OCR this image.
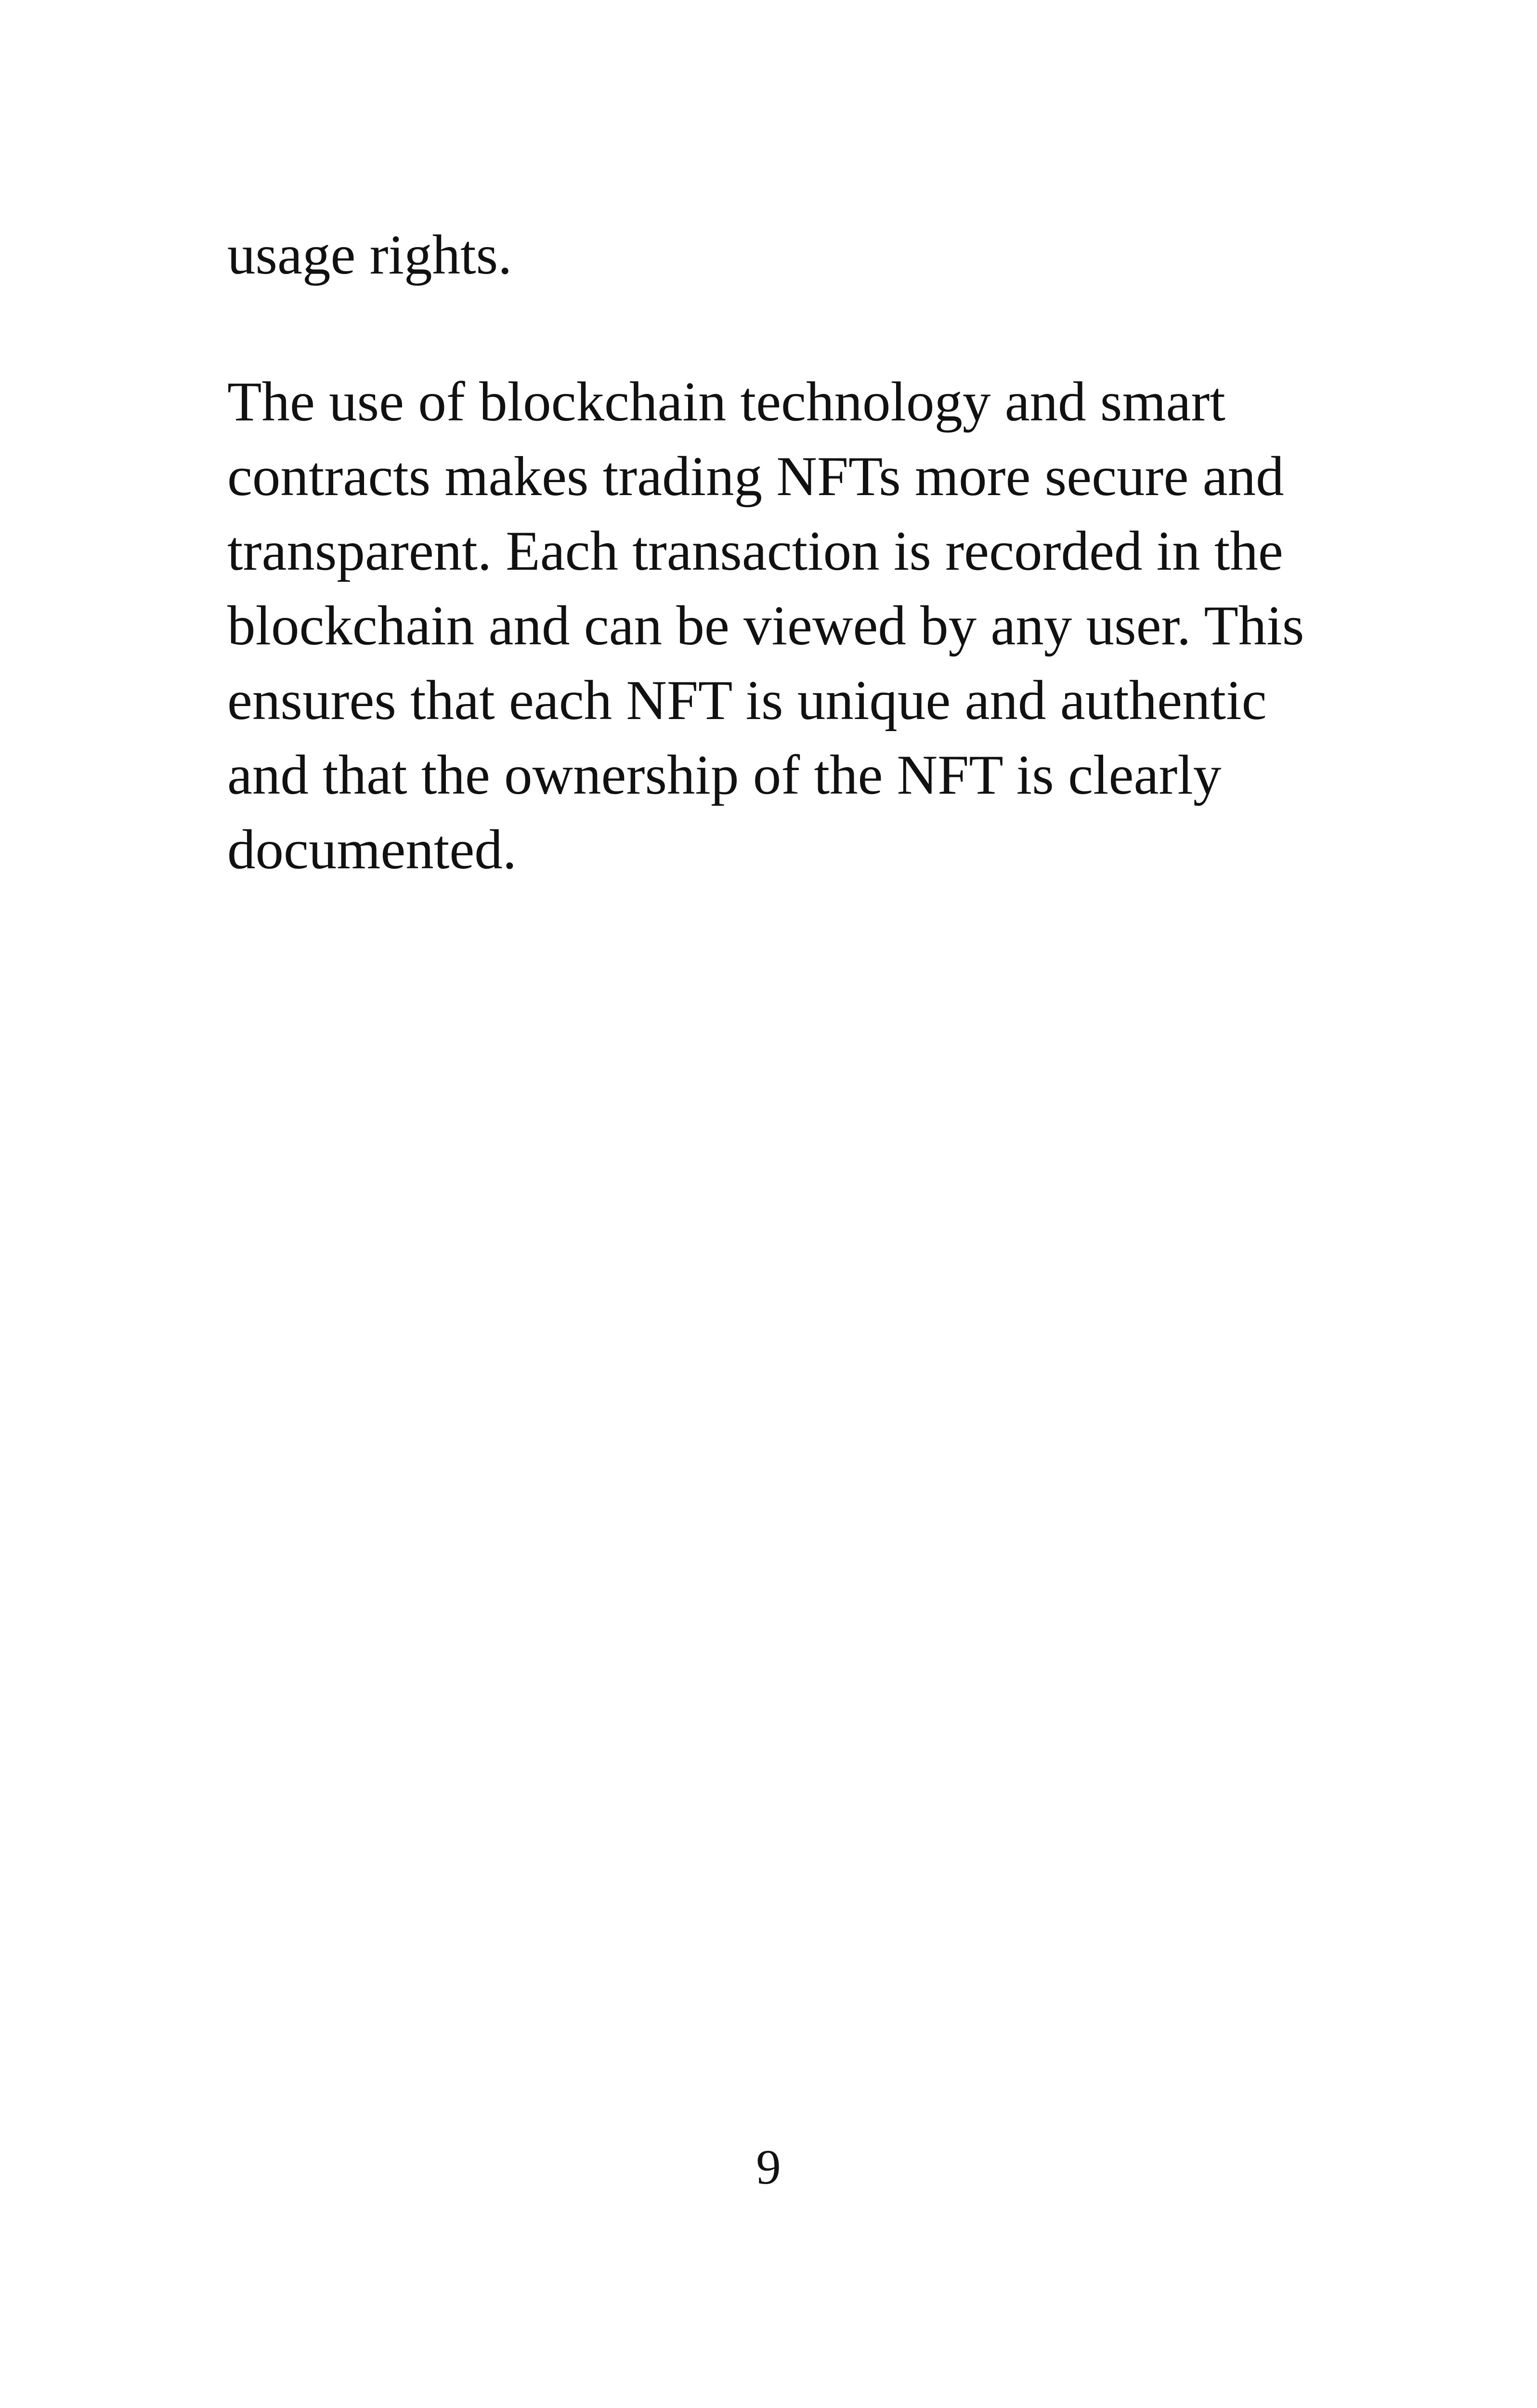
usage rights.

The use of blockchain technology and smart
contracts makes trading NFTs more secure and
transparent. Each transaction is recorded in the
blockchain and can be viewed by any user. This
ensures that each NFT is unique and authentic
and that the ownership of the NFT is clearly
documented.

9
